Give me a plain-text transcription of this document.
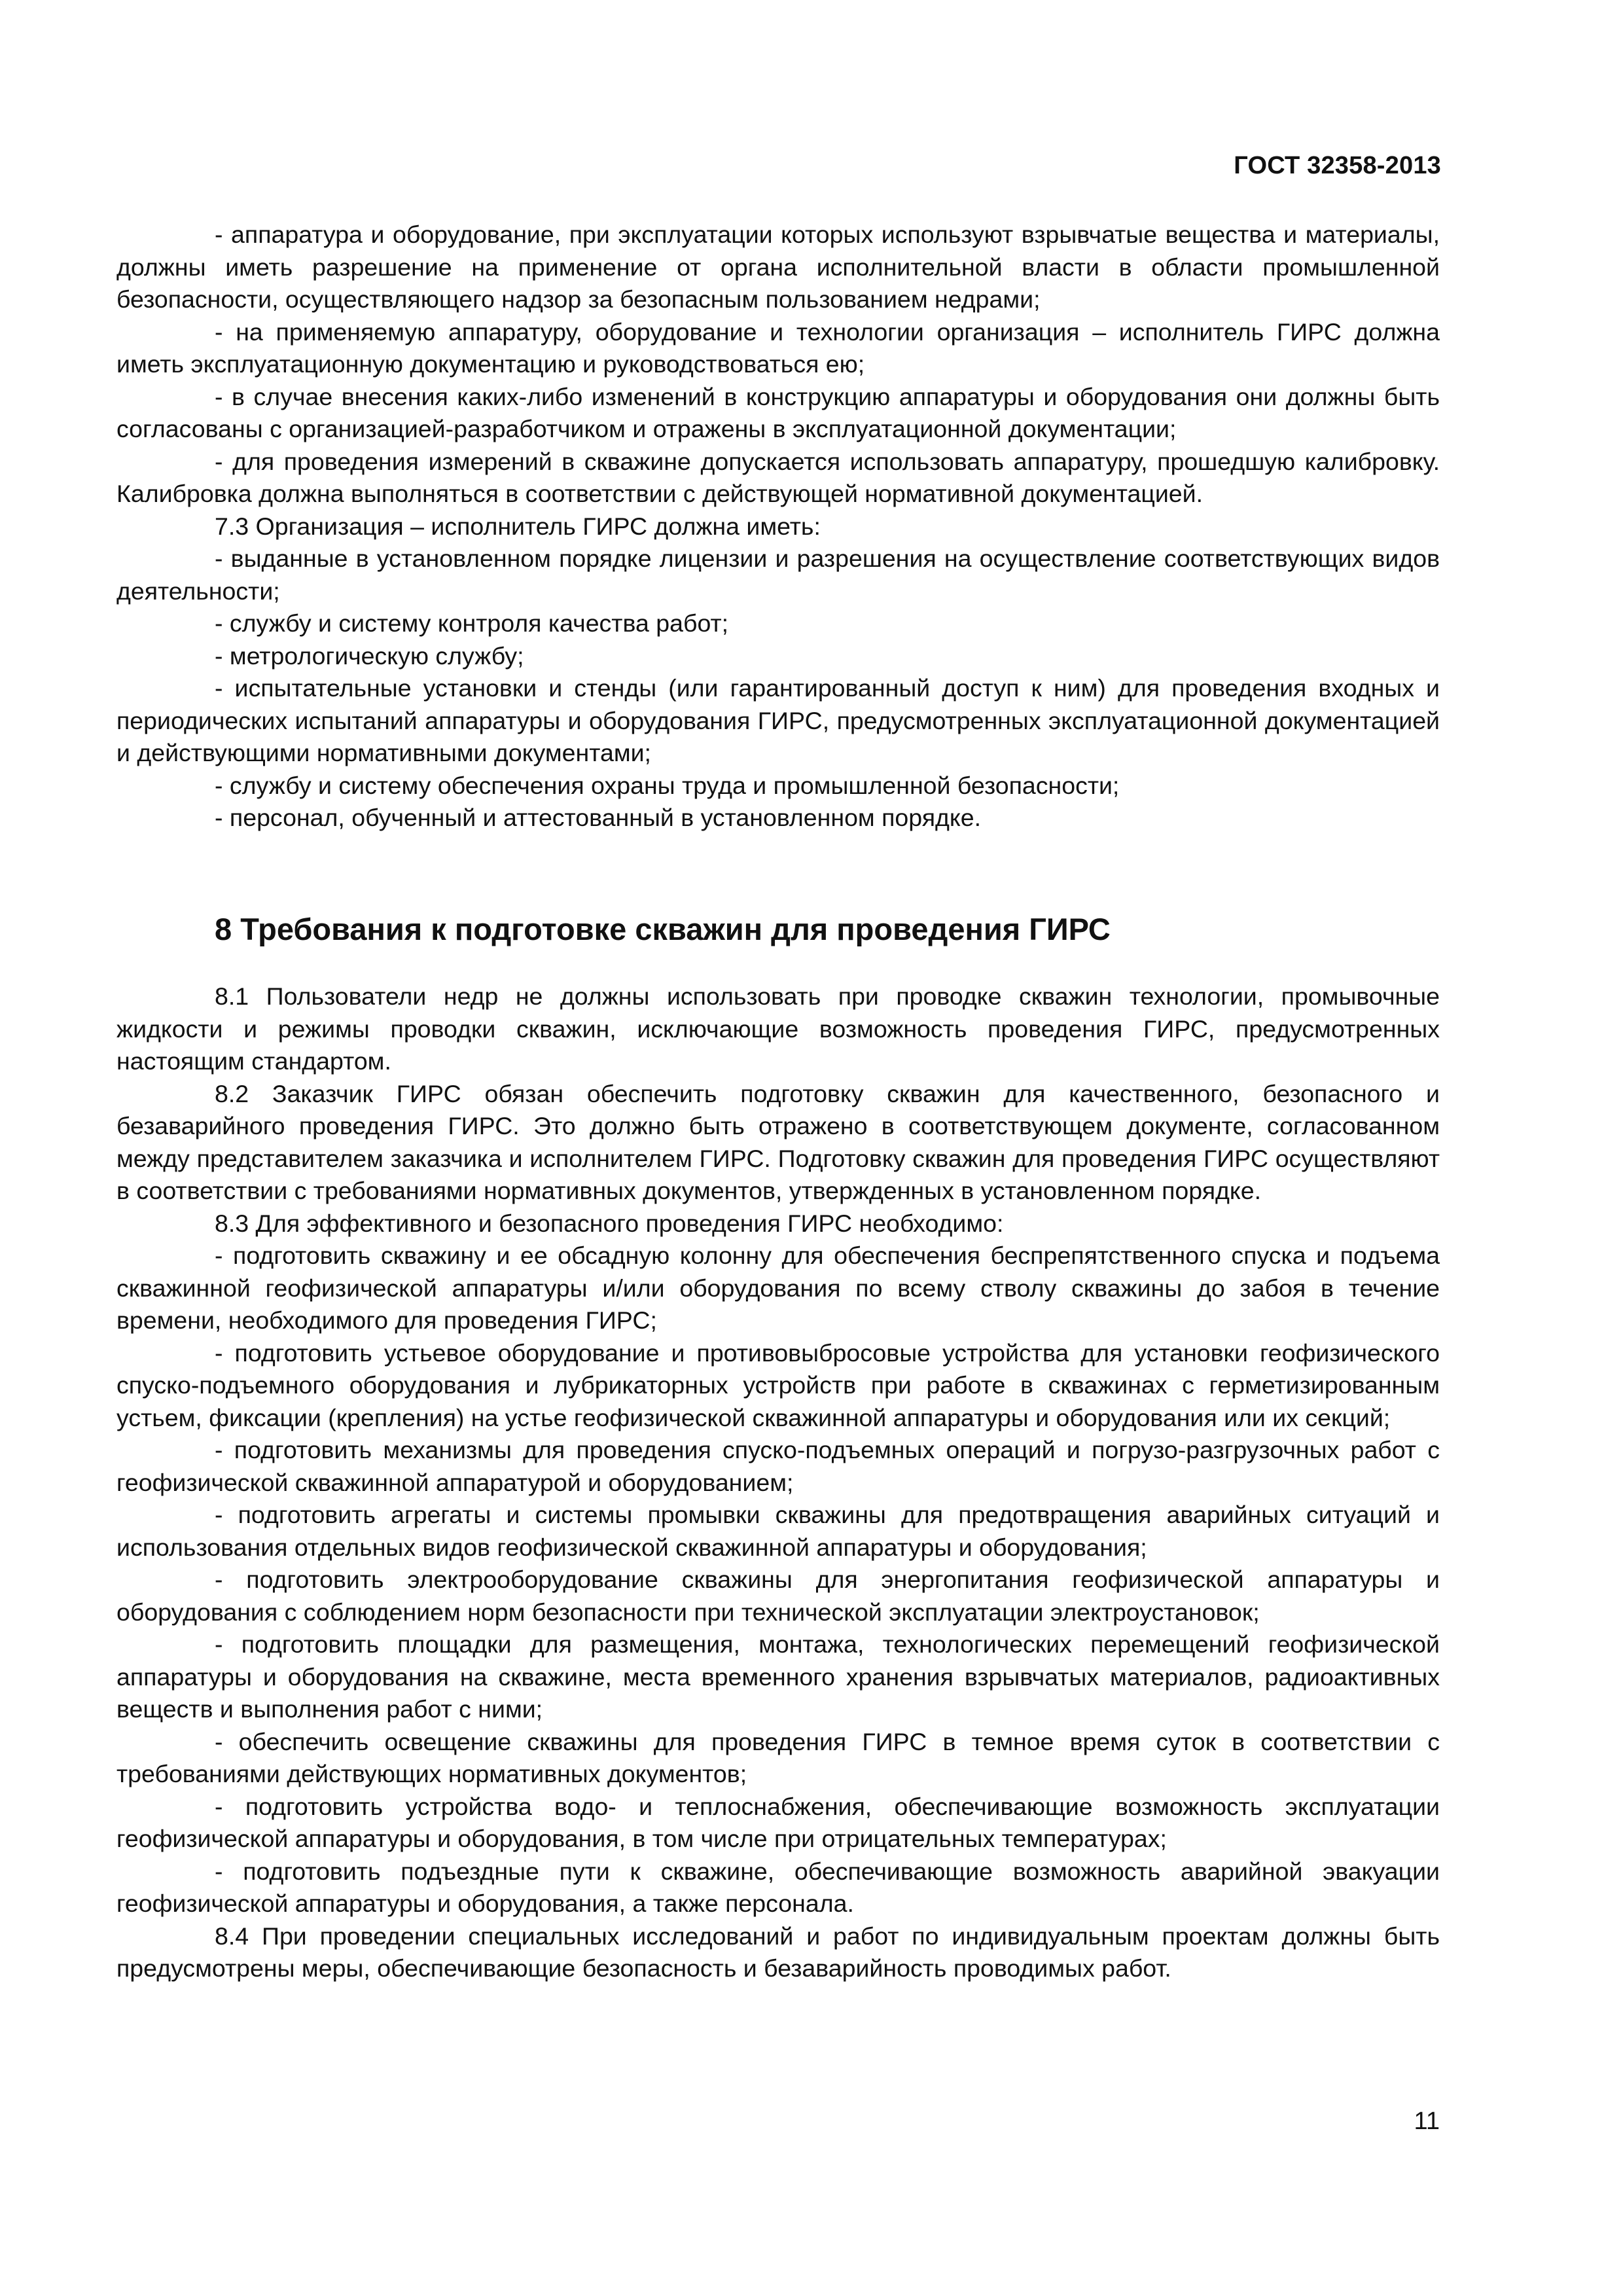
ГОСТ 32358-2013

- аппаратура и оборудование, при эксплуатации которых используют взрывчатые вещества и материалы, должны иметь разрешение на применение от органа исполнительной власти в области промышленной безопасности, осуществляющего надзор за безопасным пользованием недрами;

- на применяемую аппаратуру, оборудование и технологии организация – исполнитель ГИРС должна иметь эксплуатационную документацию и руководствоваться ею;

- в случае внесения каких-либо изменений в конструкцию аппаратуры и оборудования они должны быть согласованы с организацией-разработчиком и отражены в эксплуатационной документации;

- для проведения измерений в скважине допускается использовать аппаратуру, прошедшую калибровку. Калибровка должна выполняться в соответствии с действующей нормативной документацией.

7.3 Организация – исполнитель ГИРС должна иметь:

- выданные в установленном порядке лицензии и разрешения на осуществление соответствующих видов деятельности;

- службу и систему контроля качества работ;

- метрологическую службу;

- испытательные установки и стенды (или гарантированный доступ к ним) для проведения входных и периодических испытаний аппаратуры и оборудования ГИРС, предусмотренных эксплуатационной документацией и действующими нормативными документами;

- службу и систему обеспечения охраны труда и промышленной безопасности;

- персонал, обученный и аттестованный в установленном порядке.

8 Требования к подготовке скважин для проведения ГИРС

8.1 Пользователи недр не должны использовать при проводке скважин технологии, промывочные жидкости и режимы проводки скважин, исключающие возможность проведения ГИРС, предусмотренных настоящим стандартом.

8.2 Заказчик ГИРС обязан обеспечить подготовку скважин для качественного, безопасного и безаварийного проведения ГИРС. Это должно быть отражено в соответствующем документе, согласованном между представителем заказчика и исполнителем ГИРС. Подготовку скважин для проведения ГИРС осуществляют в соответствии с требованиями нормативных документов, утвержденных в установленном порядке.

8.3 Для эффективного и безопасного проведения ГИРС необходимо:

- подготовить скважину и ее обсадную колонну для обеспечения беспрепятственного спуска и подъема скважинной геофизической аппаратуры и/или оборудования по всему стволу скважины до забоя в течение времени, необходимого для проведения ГИРС;

- подготовить устьевое оборудование и противовыбросовые устройства для установки геофизического спуско-подъемного оборудования и лубрикаторных устройств при работе в скважинах с герметизированным устьем, фиксации (крепления) на устье геофизической скважинной аппаратуры и оборудования или их секций;

- подготовить механизмы для проведения спуско-подъемных операций и погрузо-разгрузочных работ с геофизической скважинной аппаратурой и оборудованием;

- подготовить агрегаты и системы промывки скважины для предотвращения аварийных ситуаций и использования отдельных видов геофизической скважинной аппаратуры и оборудования;

- подготовить электрооборудование скважины для энергопитания геофизической аппаратуры и оборудования с соблюдением норм безопасности при технической эксплуатации электроустановок;

- подготовить площадки для размещения, монтажа, технологических перемещений геофизической аппаратуры и оборудования на скважине, места временного хранения взрывчатых материалов, радиоактивных веществ и выполнения работ с ними;

- обеспечить освещение скважины для проведения ГИРС в темное время суток в соответствии с требованиями действующих нормативных документов;

- подготовить устройства водо- и теплоснабжения, обеспечивающие возможность эксплуатации геофизической аппаратуры и оборудования, в том числе при отрицательных температурах;

- подготовить подъездные пути к скважине, обеспечивающие возможность аварийной эвакуации геофизической аппаратуры и оборудования, а также персонала.

8.4 При проведении специальных исследований и работ по индивидуальным проектам должны быть предусмотрены меры, обеспечивающие безопасность и безаварийность проводимых работ.

11
